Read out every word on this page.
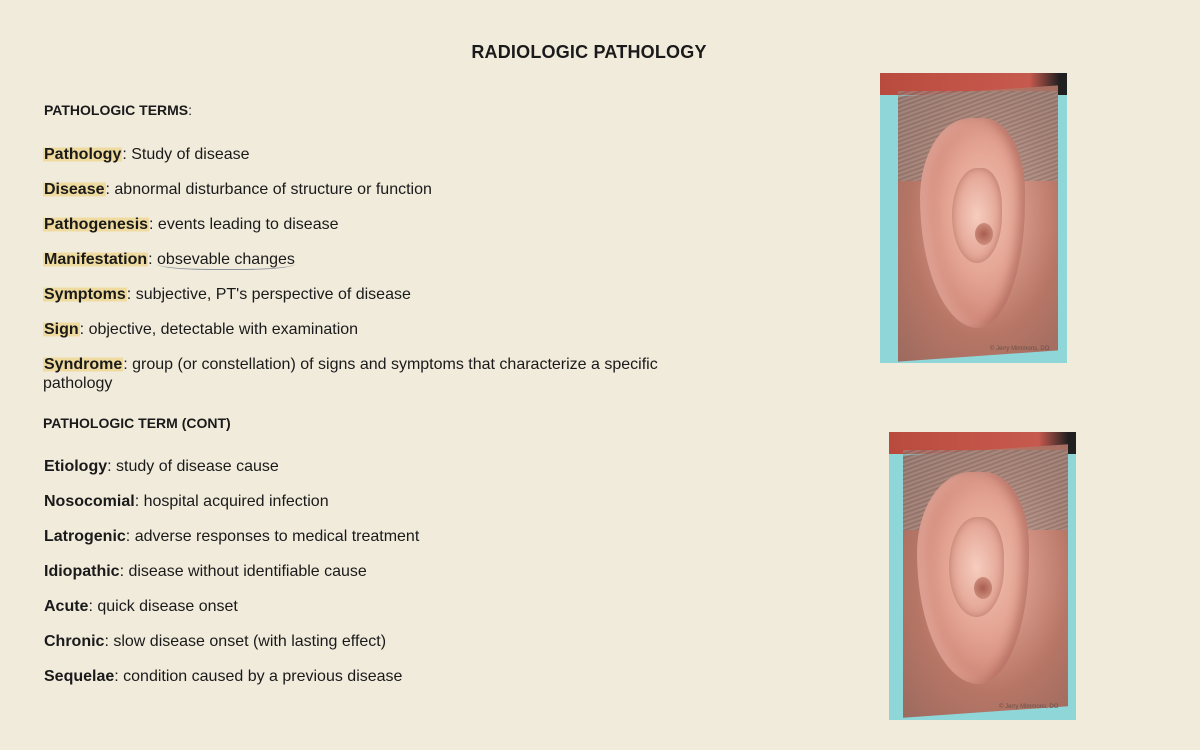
RADIOLOGIC PATHOLOGY
PATHOLOGIC TERMS:
Pathology: Study of disease
Disease: abnormal disturbance of structure or function
Pathogenesis: events leading to disease
Manifestation: obsevable changes
Symptoms: subjective, PT's perspective of disease
Sign: objective, detectable with examination
Syndrome: group (or constellation) of signs and symptoms that characterize a specific pathology
PATHOLOGIC TERM (CONT)
Etiology: study of disease cause
Nosocomial: hospital acquired infection
Latrogenic: adverse responses to medical treatment
Idiopathic: disease without identifiable cause
Acute: quick disease onset
Chronic: slow disease onset (with lasting effect)
Sequelae: condition caused by a previous disease
© Jerry Mimmons, DO
© Jerry Mimmons, DO
